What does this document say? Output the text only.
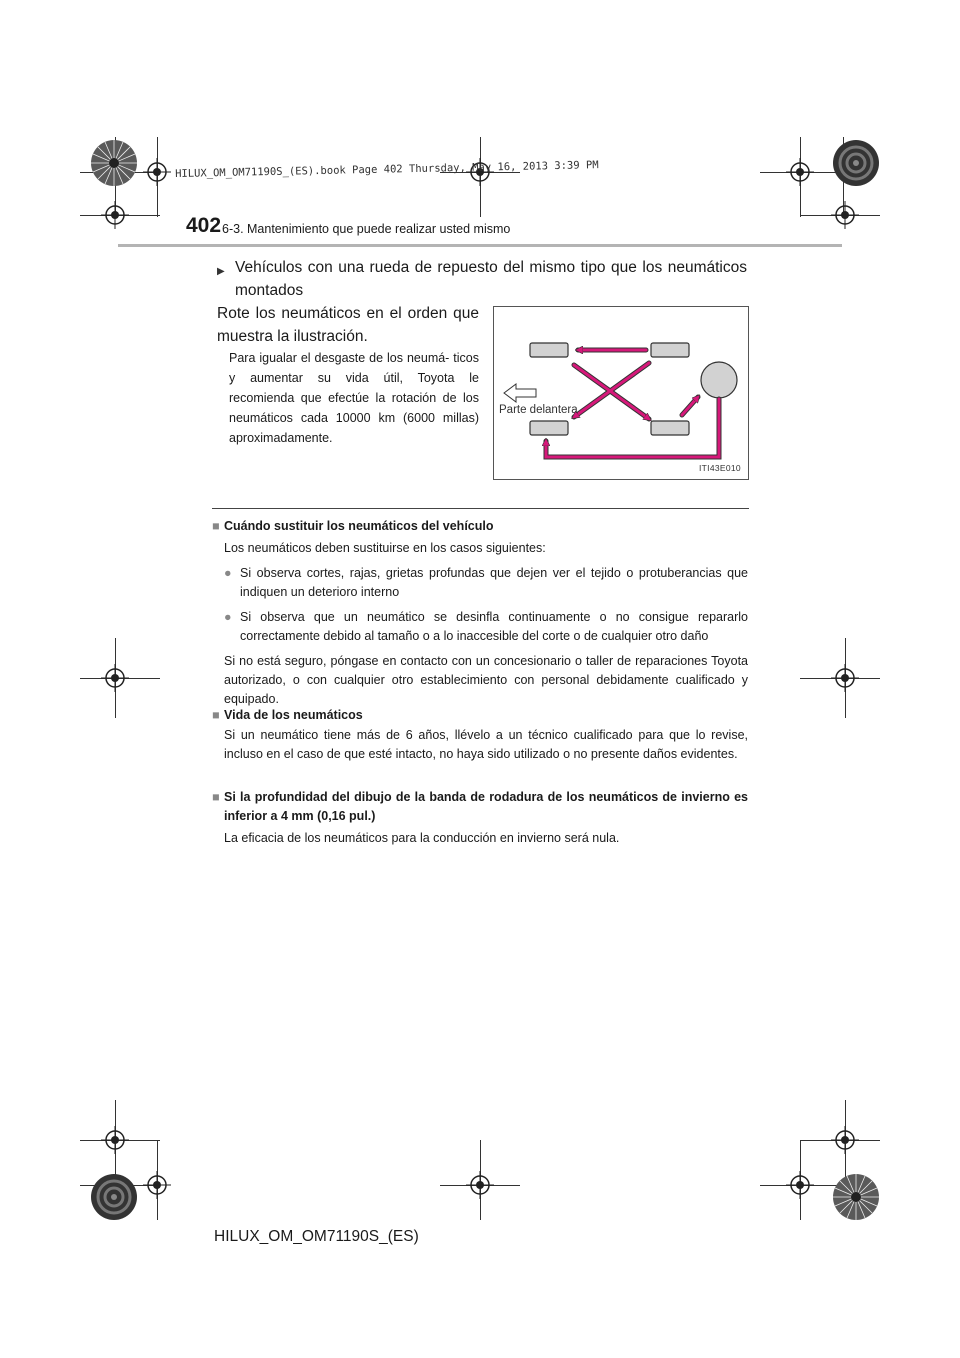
HILUX_OM_OM71190S_(ES).book Page 402 Thursday, May 16, 2013 3:39 PM
402 6-3. Mantenimiento que puede realizar usted mismo
▶ Vehículos con una rueda de repuesto del mismo tipo que los neumáticos montados
Rote los neumáticos en el orden que muestra la ilustración.
Para igualar el desgaste de los neumá- ticos y aumentar su vida útil, Toyota le recomienda que efectúe la rotación de los neumáticos cada 10000 km (6000 millas) aproximadamente.
Parte delantera
ITI43E010
■ Cuándo sustituir los neumáticos del vehículo

Los neumáticos deben sustituirse en los casos siguientes:

● Si observa cortes, rajas, grietas profundas que dejen ver el tejido o protuberancias que indiquen un deterioro interno
● Si observa que un neumático se desinfla continuamente o no consigue repararlo correctamente debido al tamaño o a lo inaccesible del corte o de cualquier otro daño

Si no está seguro, póngase en contacto con un concesionario o taller de reparaciones Toyota autorizado, o con cualquier otro establecimiento con personal debidamente cualificado y equipado.

■ Vida de los neumáticos

Si un neumático tiene más de 6 años, llévelo a un técnico cualificado para que lo revise, incluso en el caso de que esté intacto, no haya sido utilizado o no presente daños evidentes.

■ Si la profundidad del dibujo de la banda de rodadura de los neumáticos de invierno es inferior a 4 mm (0,16 pul.)

La eficacia de los neumáticos para la conducción en invierno será nula.

HILUX_OM_OM71190S_(ES)
